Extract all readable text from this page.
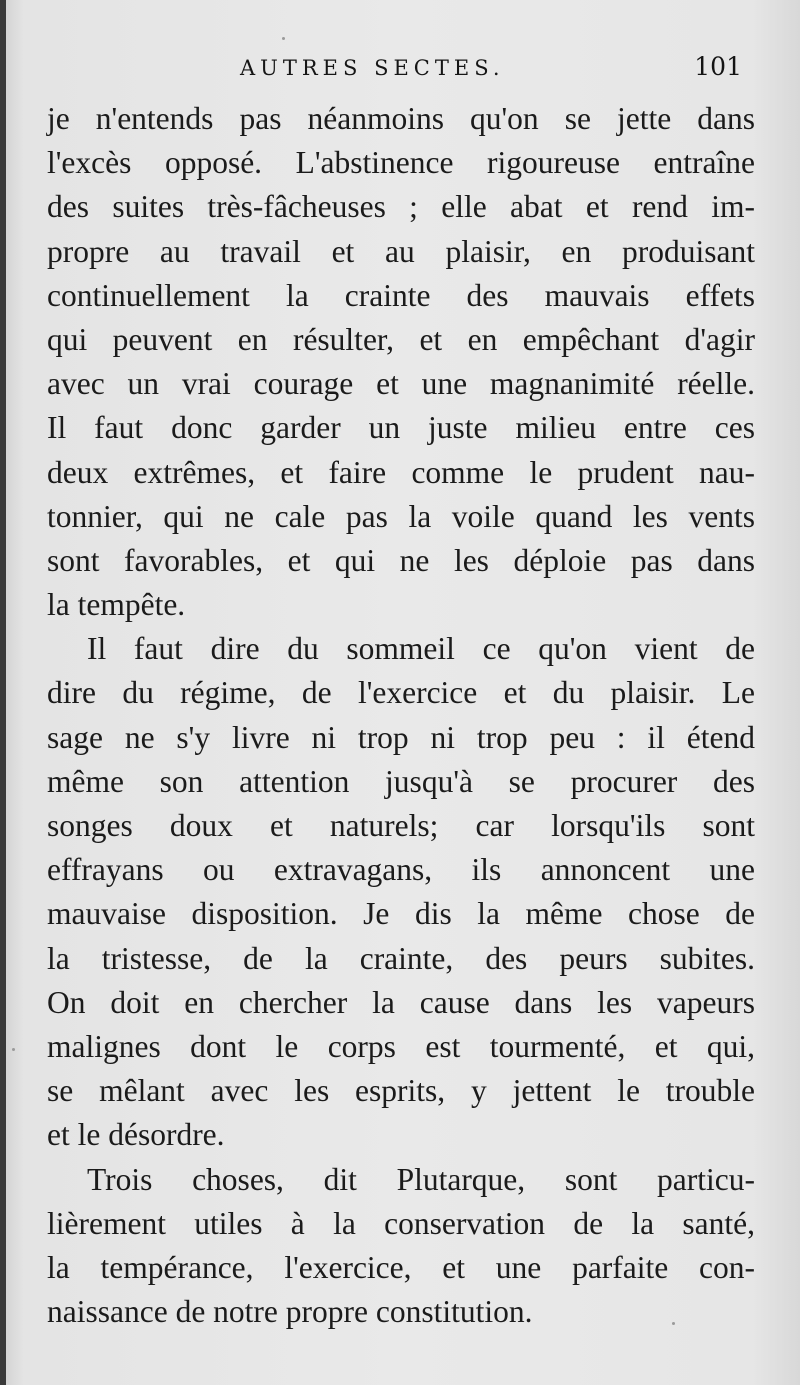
AUTRES SECTES.	101
je n'entends pas néanmoins qu'on se jette dans
l'excès opposé. L'abstinence rigoureuse entraîne
des suites très-fâcheuses ; elle abat et rend im-
propre au travail et au plaisir, en produisant
continuellement la crainte des mauvais effets
qui peuvent en résulter, et en empêchant d'agir
avec un vrai courage et une magnanimité réelle.
Il faut donc garder un juste milieu entre ces
deux extrêmes, et faire comme le prudent nau-
tonnier, qui ne cale pas la voile quand les vents
sont favorables, et qui ne les déploie pas dans
la tempête.
Il faut dire du sommeil ce qu'on vient de
dire du régime, de l'exercice et du plaisir. Le
sage ne s'y livre ni trop ni trop peu : il étend
même son attention jusqu'à se procurer des
songes doux et naturels; car lorsqu'ils sont
effrayans ou extravagans, ils annoncent une
mauvaise disposition. Je dis la même chose de
la tristesse, de la crainte, des peurs subites.
On doit en chercher la cause dans les vapeurs
malignes dont le corps est tourmenté, et qui,
se mêlant avec les esprits, y jettent le trouble
et le désordre.
Trois choses, dit Plutarque, sont particu-
lièrement utiles à la conservation de la santé,
la tempérance, l'exercice, et une parfaite con-
naissance de notre propre constitution.
